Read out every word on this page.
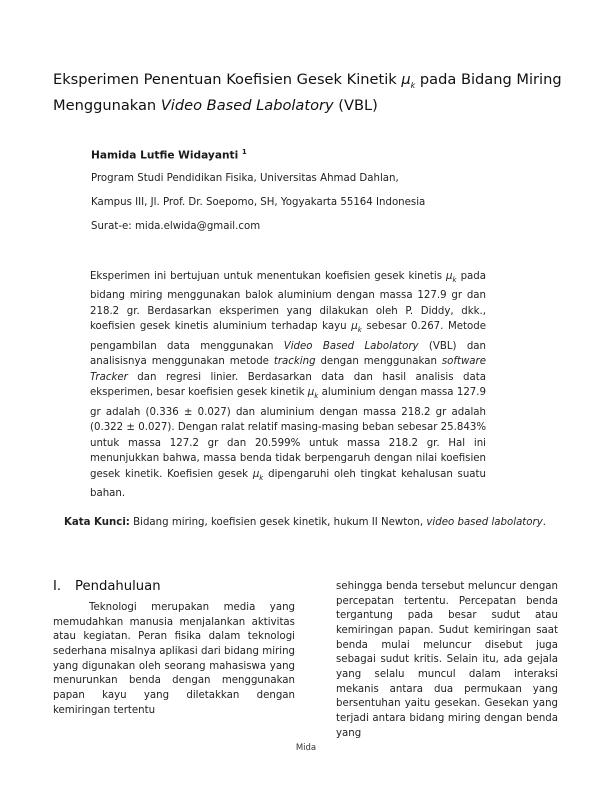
Eksperimen Penentuan Koefisien Gesek Kinetik $\mu_k$ pada Bidang Miring Menggunakan Video Based Labolatory (VBL)
Hamida Lutfie Widayanti $^1$
Program Studi Pendidikan Fisika, Universitas Ahmad Dahlan,
Kampus III, Jl. Prof. Dr. Soepomo, SH, Yogyakarta 55164 Indonesia
Surat-e: mida.elwida@gmail.com
Eksperimen ini bertujuan untuk menentukan koefisien gesek kinetis $\mu_k$ pada bidang miring menggunakan balok aluminium dengan massa 127.9 gr dan 218.2 gr. Berdasarkan eksperimen yang dilakukan oleh P. Diddy, dkk., koefisien gesek kinetis aluminium terhadap kayu $\mu_k$ sebesar 0.267. Metode pengambilan data menggunakan Video Based Labolatory (VBL) dan analisisnya menggunakan metode tracking dengan menggunakan software Tracker dan regresi linier. Berdasarkan data dan hasil analisis data eksperimen, besar koefisien gesek kinetik $\mu_k$ aluminium dengan massa 127.9 gr adalah (0.336 ± 0.027) dan aluminium dengan massa 218.2 gr adalah (0.322 ± 0.027). Dengan ralat relatif masing-masing beban sebesar 25.843% untuk massa 127.2 gr dan 20.599% untuk massa 218.2 gr. Hal ini menunjukkan bahwa, massa benda tidak berpengaruh dengan nilai koefisien gesek kinetik. Koefisien gesek $\mu_k$ dipengaruhi oleh tingkat kehalusan suatu bahan.
Kata Kunci: Bidang miring, koefisien gesek kinetik, hukum II Newton, video based labolatory.
I. Pendahuluan
Teknologi merupakan media yang memudahkan manusia menjalankan aktivitas atau kegiatan. Peran fisika dalam teknologi sederhana misalnya aplikasi dari bidang miring yang digunakan oleh seorang mahasiswa yang menurunkan benda dengan menggunakan papan kayu yang diletakkan dengan kemiringan tertentu
sehingga benda tersebut meluncur dengan percepatan tertentu. Percepatan benda tergantung pada besar sudut atau kemiringan papan. Sudut kemiringan saat benda mulai meluncur disebut juga sebagai sudut kritis. Selain itu, ada gejala yang selalu muncul dalam interaksi mekanis antara dua permukaan yang bersentuhan yaitu gesekan. Gesekan yang terjadi antara bidang miring dengan benda yang
Mida
